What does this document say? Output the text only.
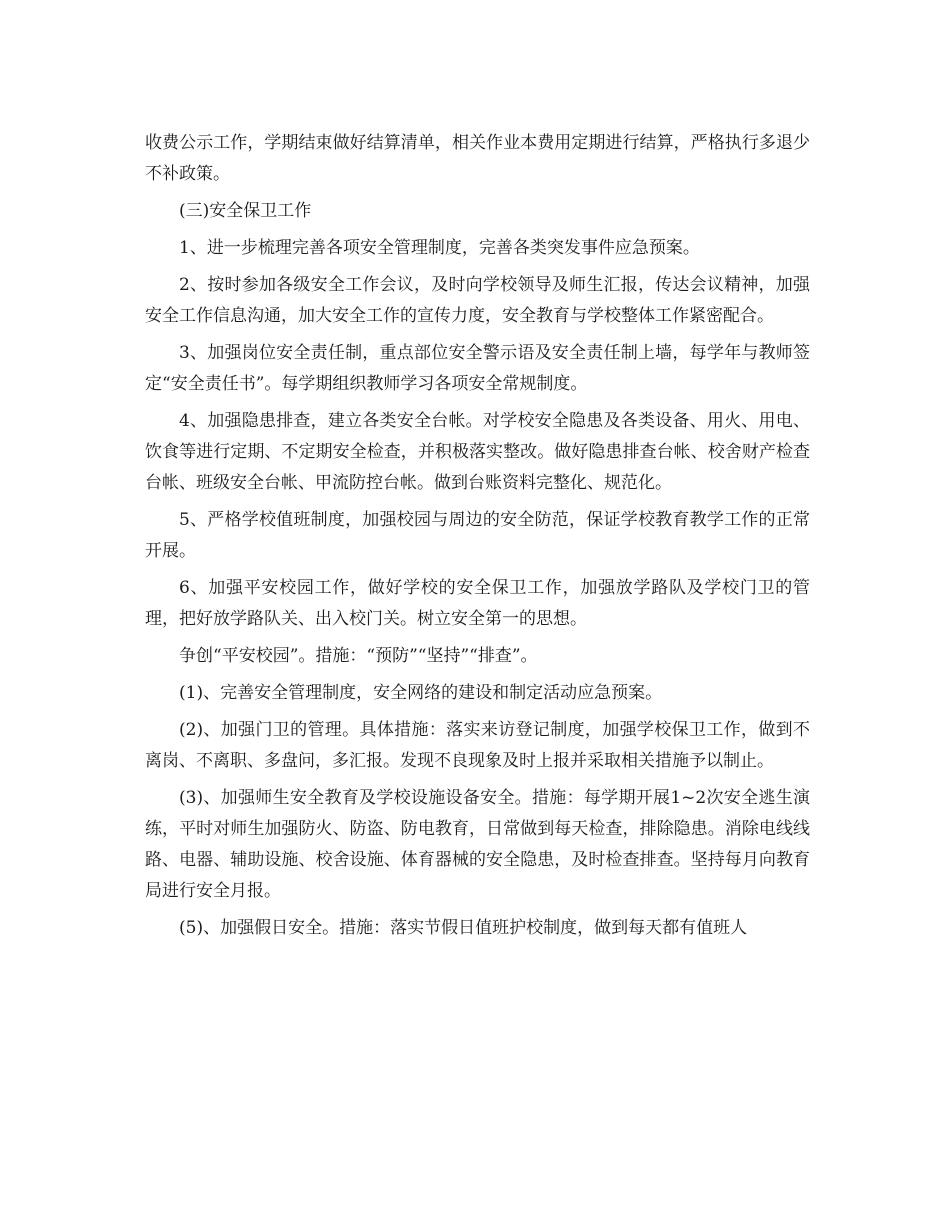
收费公示工作，学期结束做好结算清单，相关作业本费用定期进行结算，严格执行多退少不补政策。

(三)安全保卫工作

1、进一步梳理完善各项安全管理制度，完善各类突发事件应急预案。

2、按时参加各级安全工作会议，及时向学校领导及师生汇报，传达会议精神，加强安全工作信息沟通，加大安全工作的宣传力度，安全教育与学校整体工作紧密配合。

3、加强岗位安全责任制，重点部位安全警示语及安全责任制上墙，每学年与教师签定“安全责任书”。每学期组织教师学习各项安全常规制度。

4、加强隐患排查，建立各类安全台帐。对学校安全隐患及各类设备、用火、用电、饮食等进行定期、不定期安全检查，并积极落实整改。做好隐患排查台帐、校舍财产检查台帐、班级安全台帐、甲流防控台帐。做到台账资料完整化、规范化。

5、严格学校值班制度，加强校园与周边的安全防范，保证学校教育教学工作的正常开展。

6、加强平安校园工作，做好学校的安全保卫工作，加强放学路队及学校门卫的管理，把好放学路队关、出入校门关。树立安全第一的思想。

争创“平安校园”。措施：“预防”“坚持”“排查”。

(1)、完善安全管理制度，安全网络的建设和制定活动应急预案。

(2)、加强门卫的管理。具体措施：落实来访登记制度，加强学校保卫工作，做到不离岗、不离职、多盘问，多汇报。发现不良现象及时上报并采取相关措施予以制止。

(3)、加强师生安全教育及学校设施设备安全。措施：每学期开展1~2次安全逃生演练，平时对师生加强防火、防盗、防电教育，日常做到每天检查，排除隐患。消除电线线路、电器、辅助设施、校舍设施、体育器械的安全隐患，及时检查排查。坚持每月向教育局进行安全月报。

(5)、加强假日安全。措施：落实节假日值班护校制度，做到每天都有值班人
